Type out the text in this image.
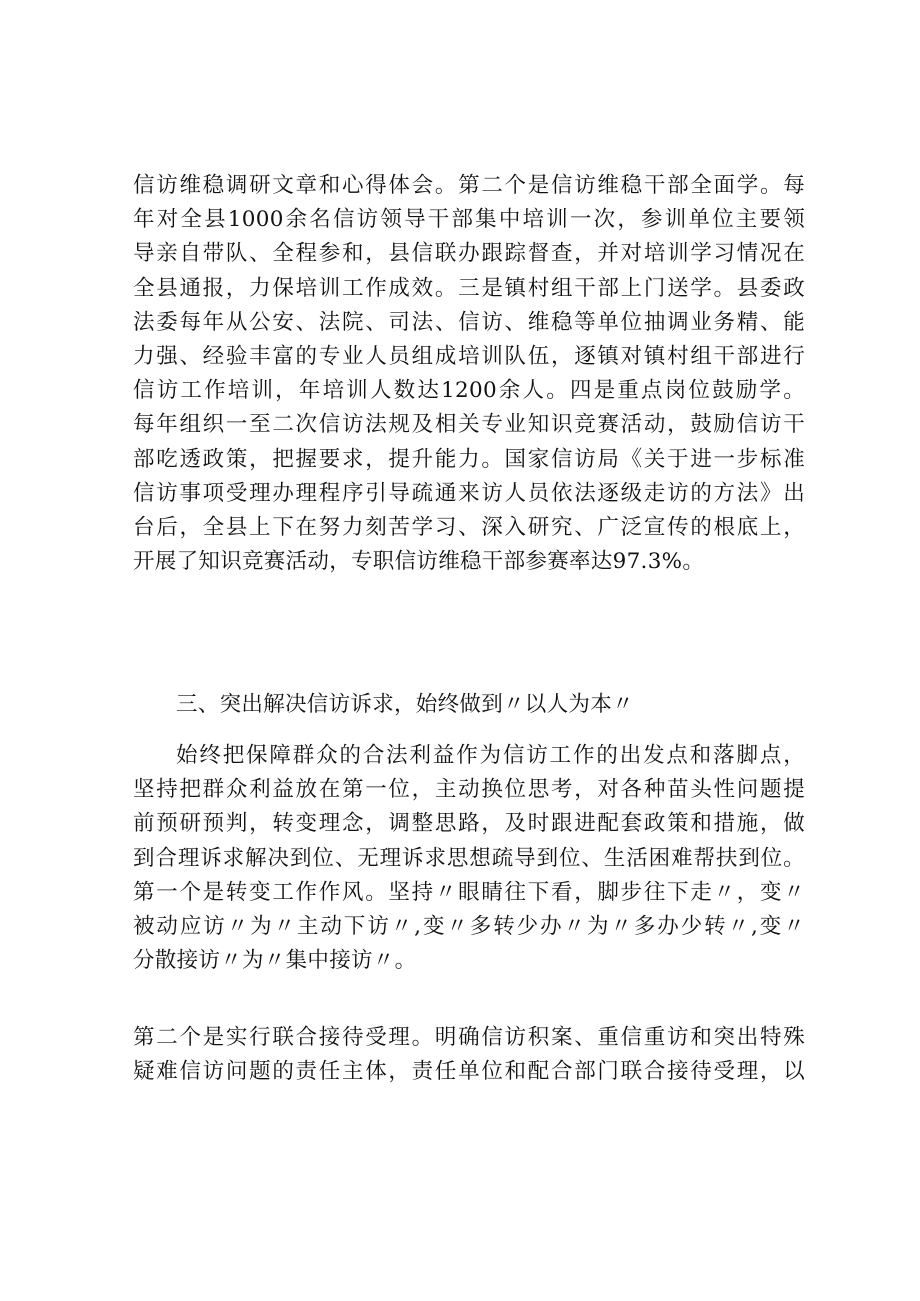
信访维稳调研文章和心得体会。第二个是信访维稳干部全面学。每
年对全县1000余名信访领导干部集中培训一次，参训单位主要领
导亲自带队、全程参和，县信联办跟踪督查，并对培训学习情况在
全县通报，力保培训工作成效。三是镇村组干部上门送学。县委政
法委每年从公安、法院、司法、信访、维稳等单位抽调业务精、能
力强、经验丰富的专业人员组成培训队伍，逐镇对镇村组干部进行
信访工作培训，年培训人数达1200余人。四是重点岗位鼓励学。
每年组织一至二次信访法规及相关专业知识竞赛活动，鼓励信访干
部吃透政策，把握要求，提升能力。国家信访局《关于进一步标准
信访事项受理办理程序引导疏通来访人员依法逐级走访的方法》出
台后，全县上下在努力刻苦学习、深入研究、广泛宣传的根底上，
开展了知识竞赛活动，专职信访维稳干部参赛率达97.3%。
三、突出解决信访诉求，始终做到〃以人为本〃
始终把保障群众的合法利益作为信访工作的出发点和落脚点，
坚持把群众利益放在第一位，主动换位思考，对各种苗头性问题提
前预研预判，转变理念，调整思路，及时跟进配套政策和措施，做
到合理诉求解决到位、无理诉求思想疏导到位、生活困难帮扶到位。
第一个是转变工作作风。坚持〃眼睛往下看，脚步往下走〃，变〃
被动应访〃为〃主动下访〃,变〃多转少办〃为〃多办少转〃,变〃
分散接访〃为〃集中接访〃。
第二个是实行联合接待受理。明确信访积案、重信重访和突出特殊
疑难信访问题的责任主体，责任单位和配合部门联合接待受理，以
